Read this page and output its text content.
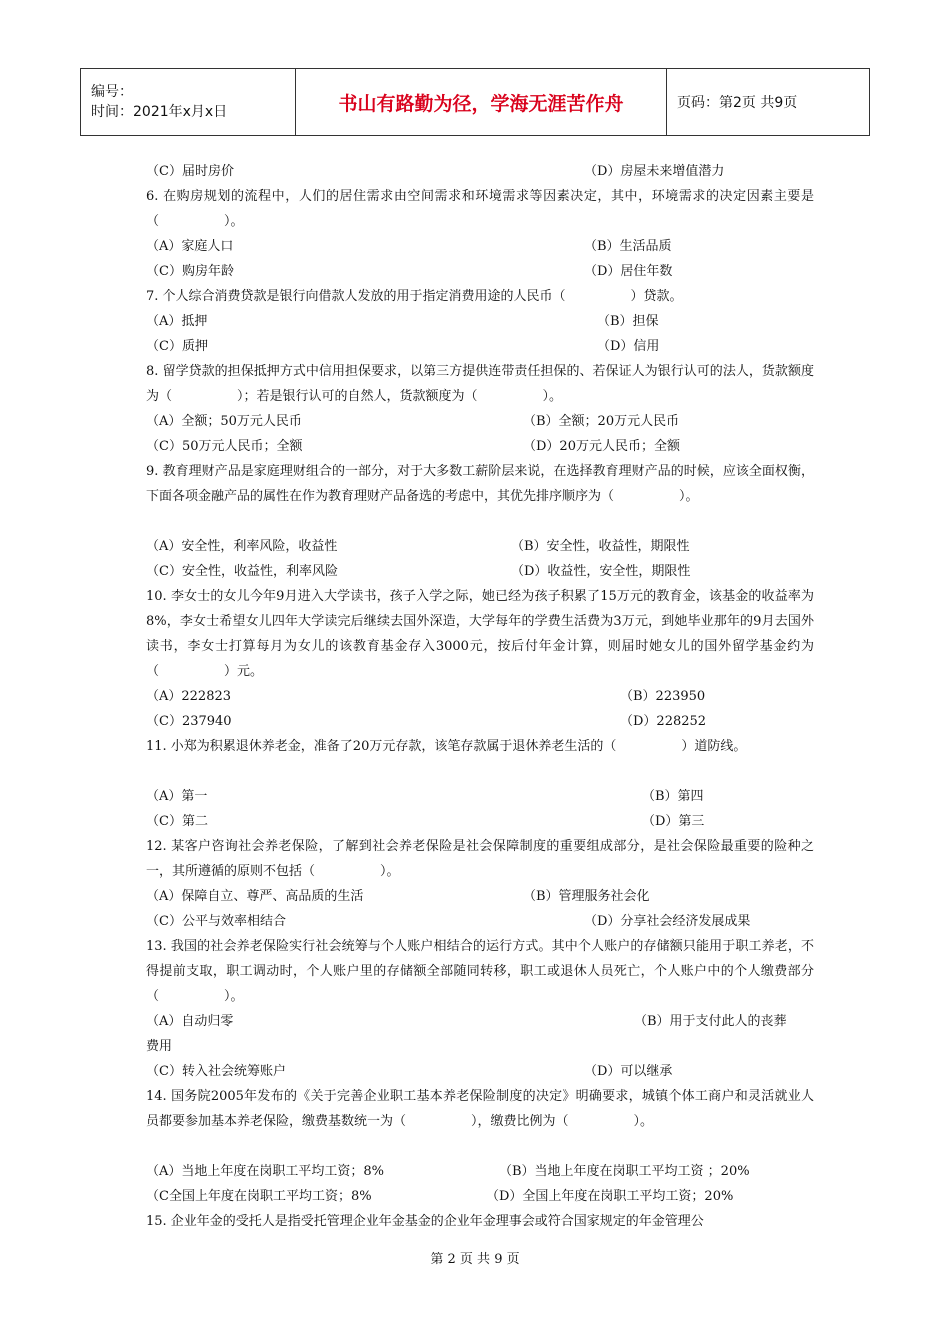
编号：
时间：2021年x月x日	书山有路勤为径，学海无涯苦作舟	页码：第2页 共9页
（C）届时房价	（D）房屋未来增值潜力
6. 在购房规划的流程中，人们的居住需求由空间需求和环境需求等因素决定，其中，环境需求的决定因素主要是（　　　　　）。
（A）家庭人口	（B）生活品质
（C）购房年龄	（D）居住年数
7. 个人综合消费贷款是银行向借款人发放的用于指定消费用途的人民币（　　　　　）贷款。
（A）抵押	（B）担保
（C）质押	（D）信用
8. 留学贷款的担保抵押方式中信用担保要求，以第三方提供连带责任担保的、若保证人为银行认可的法人，货款额度为（　　　　　）；若是银行认可的自然人，货款额度为（　　　　　）。
（A）全额；50万元人民币	（B）全额；20万元人民币
（C）50万元人民币；全额	（D）20万元人民币；全额
9. 教育理财产品是家庭理财组合的一部分，对于大多数工薪阶层来说，在选择教育理财产品的时候，应该全面权衡，下面各项金融产品的属性在作为教育理财产品备选的考虑中，其优先排序顺序为（　　　　　）。
（A）安全性，利率风险，收益性	（B）安全性，收益性，期限性
（C）安全性，收益性，利率风险	（D）收益性，安全性，期限性
10. 李女士的女儿今年9月进入大学读书，孩子入学之际，她已经为孩子积累了15万元的教育金，该基金的收益率为8%，李女士希望女儿四年大学读完后继续去国外深造，大学每年的学费生活费为3万元，到她毕业那年的9月去国外读书，李女士打算每月为女儿的该教育基金存入3000元，按后付年金计算，则届时她女儿的国外留学基金约为（　　　　　）元。
（A）222823	（B）223950
（C）237940	（D）228252
11. 小郑为积累退休养老金，准备了20万元存款，该笔存款属于退休养老生活的（　　　　　）道防线。
（A）第一	（B）第四
（C）第二	（D）第三
12. 某客户咨询社会养老保险，了解到社会养老保险是社会保障制度的重要组成部分，是社会保险最重要的险种之一，其所遵循的原则不包括（　　　　　）。
（A）保障自立、尊严、高品质的生活	（B）管理服务社会化
（C）公平与效率相结合	（D）分享社会经济发展成果
13. 我国的社会养老保险实行社会统筹与个人账户相结合的运行方式。其中个人账户的存储额只能用于职工养老，不得提前支取，职工调动时，个人账户里的存储额全部随同转移，职工或退休人员死亡，个人账户中的个人缴费部分（　　　　　）。
（A）自动归零	（B）用于支付此人的丧葬
费用
（C）转入社会统筹账户	（D）可以继承
14. 国务院2005年发布的《关于完善企业职工基本养老保险制度的决定》明确要求，城镇个体工商户和灵活就业人员都要参加基本养老保险，缴费基数统一为（　　　　　），缴费比例为（　　　　　）。
（A）当地上年度在岗职工平均工资；8%	（B）当地上年度在岗职工平均工资 ；20%
（C全国上年度在岗职工平均工资；8%	（D）全国上年度在岗职工平均工资；20%
15. 企业年金的受托人是指受托管理企业年金基金的企业年金理事会或符合国家规定的年金管理公
第 2 页 共 9 页
